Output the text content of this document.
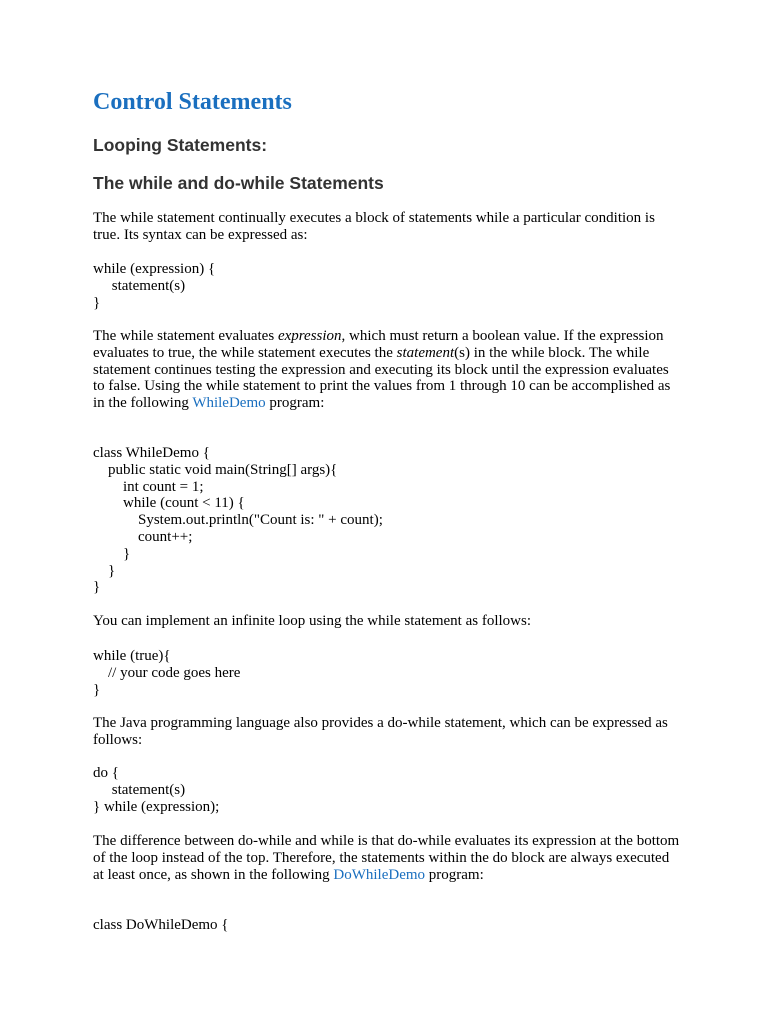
Control Statements
Looping Statements:
The while and do-while Statements

The while statement continually executes a block of statements while a particular condition is true. Its syntax can be expressed as:

while (expression) {
statement(s)
}

The while statement evaluates expression, which must return a boolean value. If the expression evaluates to true, the while statement executes the statement(s) in the while block. The while statement continues testing the expression and executing its block until the expression evaluates to false. Using the while statement to print the values from 1 through 10 can be accomplished as in the following WhileDemo program:

class WhileDemo {
public static void main(String[] args){
int count = 1;
while (count < 11) {
System.out.println("Count is: " + count);
count++;
}
}
}

You can implement an infinite loop using the while statement as follows:

while (true){
// your code goes here
}

The Java programming language also provides a do-while statement, which can be expressed as follows:

do {
statement(s)
} while (expression);

The difference between do-while and while is that do-while evaluates its expression at the bottom of the loop instead of the top. Therefore, the statements within the do block are always executed at least once, as shown in the following DoWhileDemo program:

class DoWhileDemo {
